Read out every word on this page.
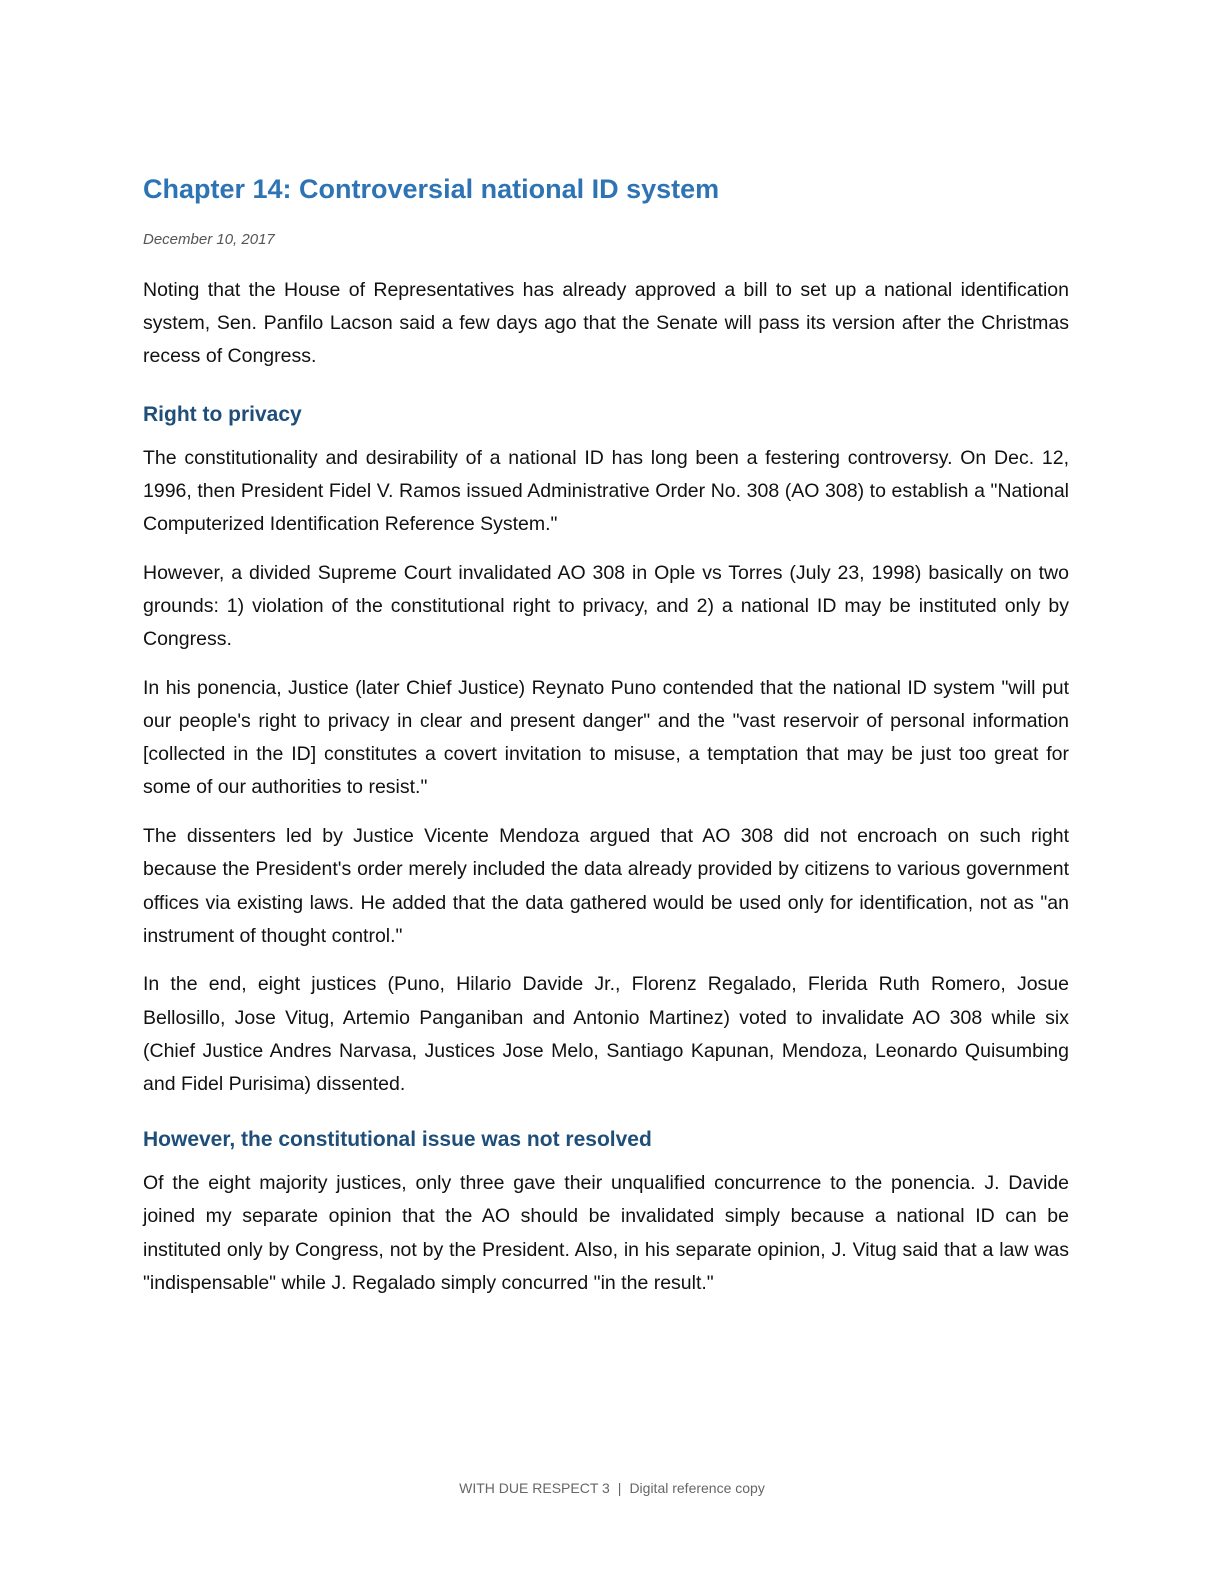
Chapter 14: Controversial national ID system

December 10, 2017

Noting that the House of Representatives has already approved a bill to set up a national identification system, Sen. Panfilo Lacson said a few days ago that the Senate will pass its version after the Christmas recess of Congress.

Right to privacy

The constitutionality and desirability of a national ID has long been a festering controversy. On Dec. 12, 1996, then President Fidel V. Ramos issued Administrative Order No. 308 (AO 308) to establish a "National Computerized Identification Reference System."

However, a divided Supreme Court invalidated AO 308 in Ople vs Torres (July 23, 1998) basically on two grounds: 1) violation of the constitutional right to privacy, and 2) a national ID may be instituted only by Congress.

In his ponencia, Justice (later Chief Justice) Reynato Puno contended that the national ID system "will put our people's right to privacy in clear and present danger" and the "vast reservoir of personal information [collected in the ID] constitutes a covert invitation to misuse, a temptation that may be just too great for some of our authorities to resist."

The dissenters led by Justice Vicente Mendoza argued that AO 308 did not encroach on such right because the President's order merely included the data already provided by citizens to various government offices via existing laws. He added that the data gathered would be used only for identification, not as "an instrument of thought control."

In the end, eight justices (Puno, Hilario Davide Jr., Florenz Regalado, Flerida Ruth Romero, Josue Bellosillo, Jose Vitug, Artemio Panganiban and Antonio Martinez) voted to invalidate AO 308 while six (Chief Justice Andres Narvasa, Justices Jose Melo, Santiago Kapunan, Mendoza, Leonardo Quisumbing and Fidel Purisima) dissented.

However, the constitutional issue was not resolved

Of the eight majority justices, only three gave their unqualified concurrence to the ponencia. J. Davide joined my separate opinion that the AO should be invalidated simply because a national ID can be instituted only by Congress, not by the President. Also, in his separate opinion, J. Vitug said that a law was "indispensable" while J. Regalado simply concurred "in the result."

WITH DUE RESPECT 3 | Digital reference copy
